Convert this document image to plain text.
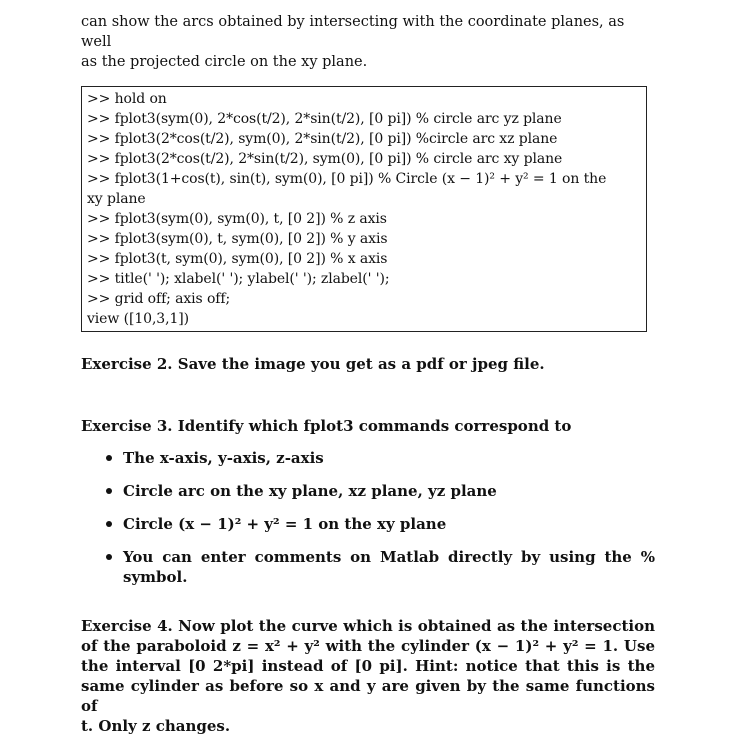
can show the arcs obtained by intersecting with the coordinate planes, as well
as the projected circle on the xy plane.

>> hold on
>> fplot3(sym(0), 2*cos(t/2), 2*sin(t/2), [0 pi]) % circle arc yz plane
>> fplot3(2*cos(t/2), sym(0), 2*sin(t/2), [0 pi]) %circle arc xz plane
>> fplot3(2*cos(t/2), 2*sin(t/2), sym(0), [0 pi]) % circle arc xy plane
>> fplot3(1+cos(t), sin(t), sym(0), [0 pi]) % Circle (x − 1)² + y² = 1 on the
xy plane
>> fplot3(sym(0), sym(0), t, [0 2]) % z axis
>> fplot3(sym(0), t, sym(0), [0 2]) % y axis
>> fplot3(t, sym(0), sym(0), [0 2]) % x axis
>> title(' '); xlabel(' '); ylabel(' '); zlabel(' ');
>> grid off; axis off;
view ([10,3,1])

Exercise 2. Save the image you get as a pdf or jpeg file.

Exercise 3. Identify which fplot3 commands correspond to

The x-axis, y-axis, z-axis
Circle arc on the xy plane, xz plane, yz plane
Circle (x − 1)² + y² = 1 on the xy plane
You can enter comments on Matlab directly by using the % symbol.

Exercise 4. Now plot the curve which is obtained as the intersection
of the paraboloid z = x² + y² with the cylinder (x − 1)² + y² = 1. Use
the interval [0 2*pi] instead of [0 pi]. Hint: notice that this is the
same cylinder as before so x and y are given by the same functions of
t. Only z changes.
